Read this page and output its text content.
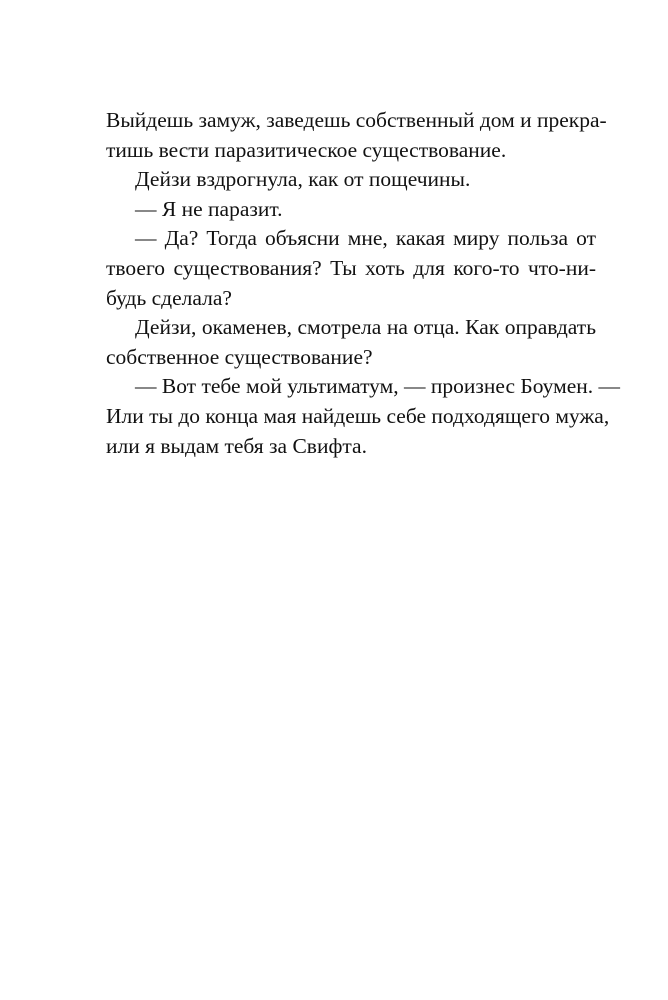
Выйдешь замуж, заведешь собственный дом и прекра-
тишь вести паразитическое существование.
Дейзи вздрогнула, как от пощечины.
— Я не паразит.
— Да? Тогда объясни мне, какая миру польза от
твоего существования? Ты хоть для кого-то что-ни-
будь сделала?
Дейзи, окаменев, смотрела на отца. Как оправдать
собственное существование?
— Вот тебе мой ультиматум, — произнес Боумен. —
Или ты до конца мая найдешь себе подходящего мужа,
или я выдам тебя за Свифта.
